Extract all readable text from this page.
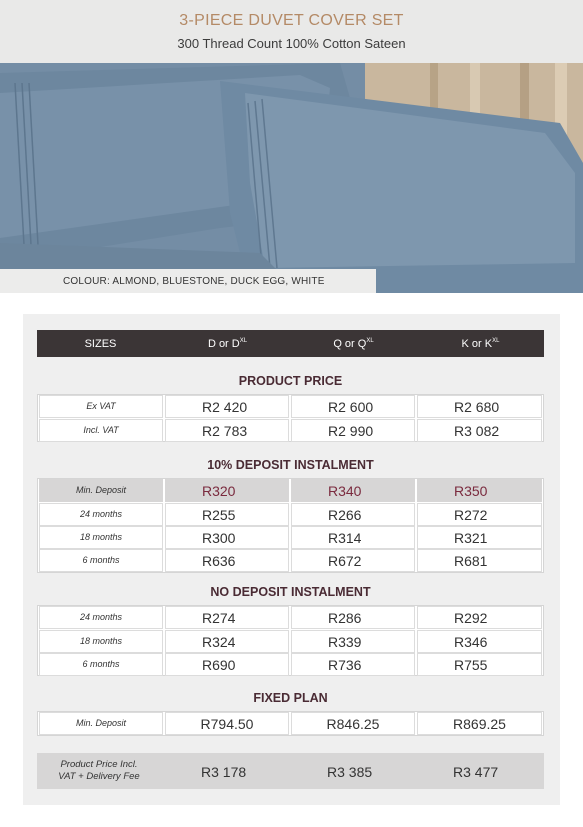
3-PIECE DUVET COVER SET
300 Thread Count 100% Cotton Sateen
COLOUR: ALMOND, BLUESTONE, DUCK EGG, WHITE
SIZES	D or $D^{XL}$	Q or $Q^{XL}$	K or $K^{XL}$
PRODUCT PRICE
Ex VAT	R2 420	R2 600	R2 680
Incl. VAT	R2 783	R2 990	R3 082
10% DEPOSIT INSTALMENT
Min. Deposit	R320	R340	R350
24 months	R255	R266	R272
18 months	R300	R314	R321
6 months	R636	R672	R681
NO DEPOSIT INSTALMENT
24 months	R274	R286	R292
18 months	R324	R339	R346
6 months	R690	R736	R755
FIXED PLAN
Min. Deposit	R794.50	R846.25	R869.25
Product Price Incl.
VAT + Delivery Fee	R3 178	R3 385	R3 477
